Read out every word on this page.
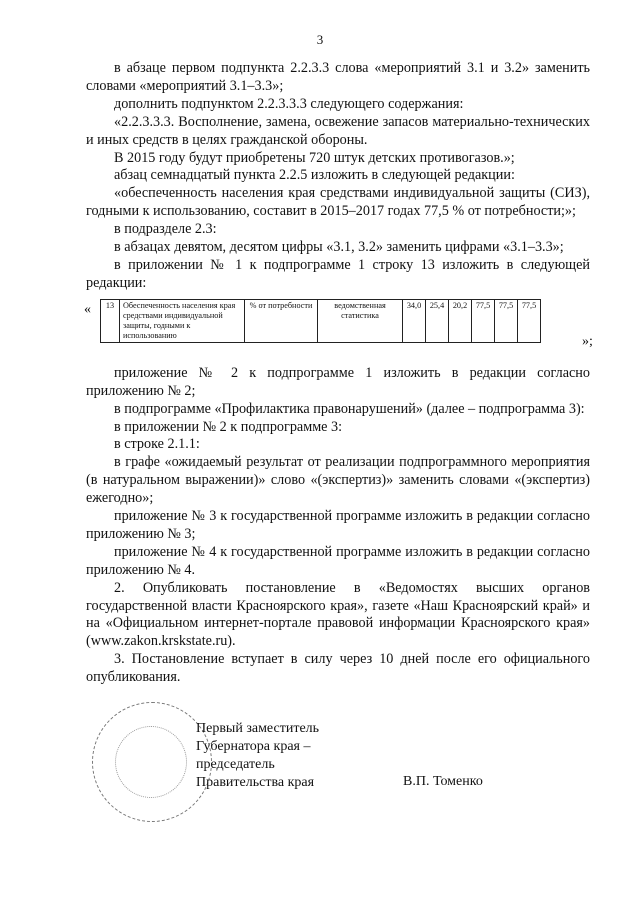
3

в абзаце первом подпункта 2.2.3.3 слова «мероприятий 3.1 и 3.2» заменить словами «мероприятий 3.1–3.3»;

дополнить подпунктом 2.2.3.3.3 следующего содержания:

«2.2.3.3.3. Восполнение, замена, освежение запасов материально-технических и иных средств в целях гражданской обороны.

В 2015 году будут приобретены 720 штук детских противогазов.»;

абзац семнадцатый пункта 2.2.5 изложить в следующей редакции:

«обеспеченность населения края средствами индивидуальной защиты (СИЗ), годными к использованию, составит в 2015–2017 годах 77,5 % от потребности;»;

в подразделе 2.3:

в абзацах девятом, десятом цифры «3.1, 3.2» заменить цифрами «3.1–3.3»;

в приложении № 1 к подпрограмме 1 строку 13 изложить в следующей редакции:

« 13	Обеспеченность населения края средствами индивидуальной защиты, годными к использованию	% от потребности	ведомственная статистика	34,0	25,4	20,2	77,5	77,5	77,5
»;

приложение № 2 к подпрограмме 1 изложить в редакции согласно приложению № 2;

в подпрограмме «Профилактика правонарушений» (далее – подпрограмма 3):

в приложении № 2 к подпрограмме 3:

в строке 2.1.1:

в графе «ожидаемый результат от реализации подпрограммного мероприятия (в натуральном выражении)» слово «(экспертиз)» заменить словами «(экспертиз) ежегодно»;

приложение № 3 к государственной программе изложить в редакции согласно приложению № 3;

приложение № 4 к государственной программе изложить в редакции согласно приложению № 4.

2. Опубликовать постановление в «Ведомостях высших органов государственной власти Красноярского края», газете «Наш Красноярский край» и на «Официальном интернет-портале правовой информации Красноярского края» (www.zakon.krskstate.ru).

3. Постановление вступает в силу через 10 дней после его официального опубликования.

Первый заместитель
Губернатора края –
председатель
Правительства края	В.П. Томенко
